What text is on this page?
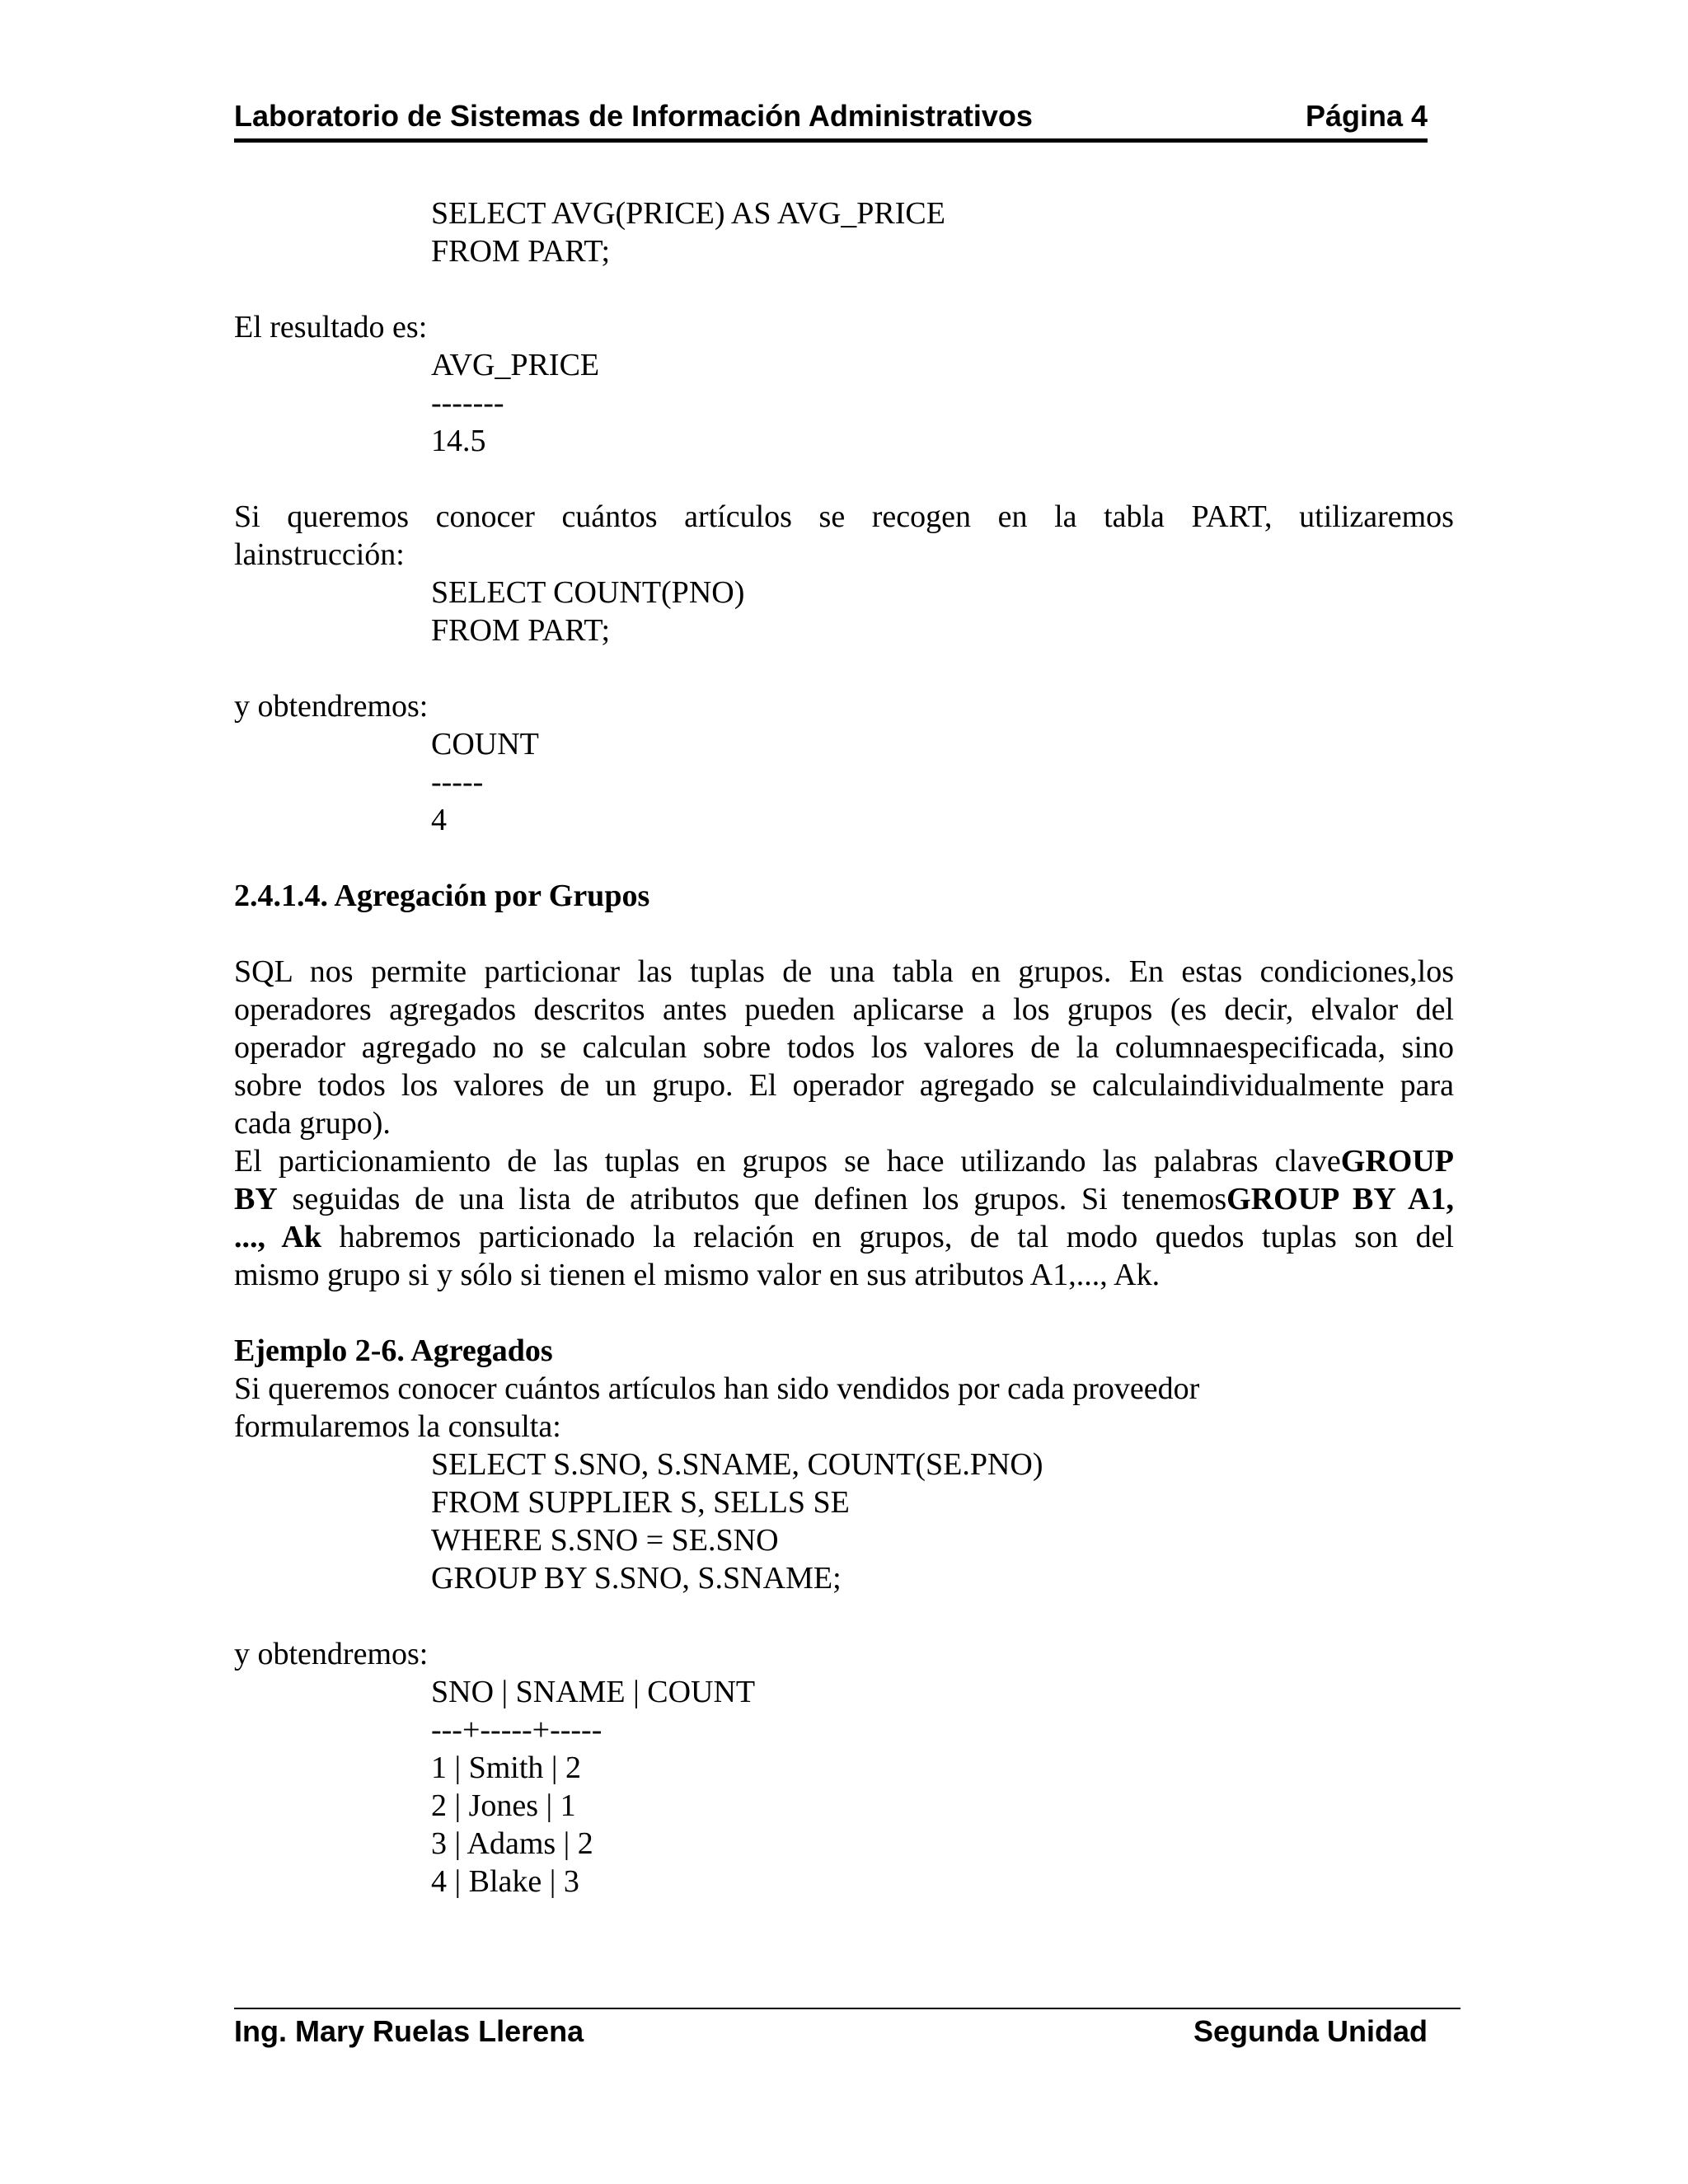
Laboratorio de Sistemas de Información Administrativos	Página 4
SELECT AVG(PRICE) AS AVG_PRICE
FROM PART;
El resultado es:
AVG_PRICE
-------
14.5
Si queremos conocer cuántos artículos se recogen en la tabla PART, utilizaremos
lainstrucción:
SELECT COUNT(PNO)
FROM PART;
y obtendremos:
COUNT
-----
4
2.4.1.4. Agregación por Grupos
SQL nos permite particionar las tuplas de una tabla en grupos. En estas condiciones,los
operadores agregados descritos antes pueden aplicarse a los grupos (es decir, elvalor del
operador agregado no se calculan sobre todos los valores de la columnaespecificada, sino
sobre todos los valores de un grupo. El operador agregado se calculaindividualmente para
cada grupo).
El particionamiento de las tuplas en grupos se hace utilizando las palabras claveGROUP
BY seguidas de una lista de atributos que definen los grupos. Si tenemosGROUP BY A1,
..., Ak habremos particionado la relación en grupos, de tal modo quedos tuplas son del
mismo grupo si y sólo si tienen el mismo valor en sus atributos A1,..., Ak.
Ejemplo 2-6. Agregados
Si queremos conocer cuántos artículos han sido vendidos por cada proveedor
formularemos la consulta:
SELECT S.SNO, S.SNAME, COUNT(SE.PNO)
FROM SUPPLIER S, SELLS SE
WHERE S.SNO = SE.SNO
GROUP BY S.SNO, S.SNAME;
y obtendremos:
SNO | SNAME | COUNT
---+-----+-----
1 | Smith | 2
2 | Jones | 1
3 | Adams | 2
4 | Blake | 3
Ing. Mary Ruelas Llerena	Segunda Unidad
